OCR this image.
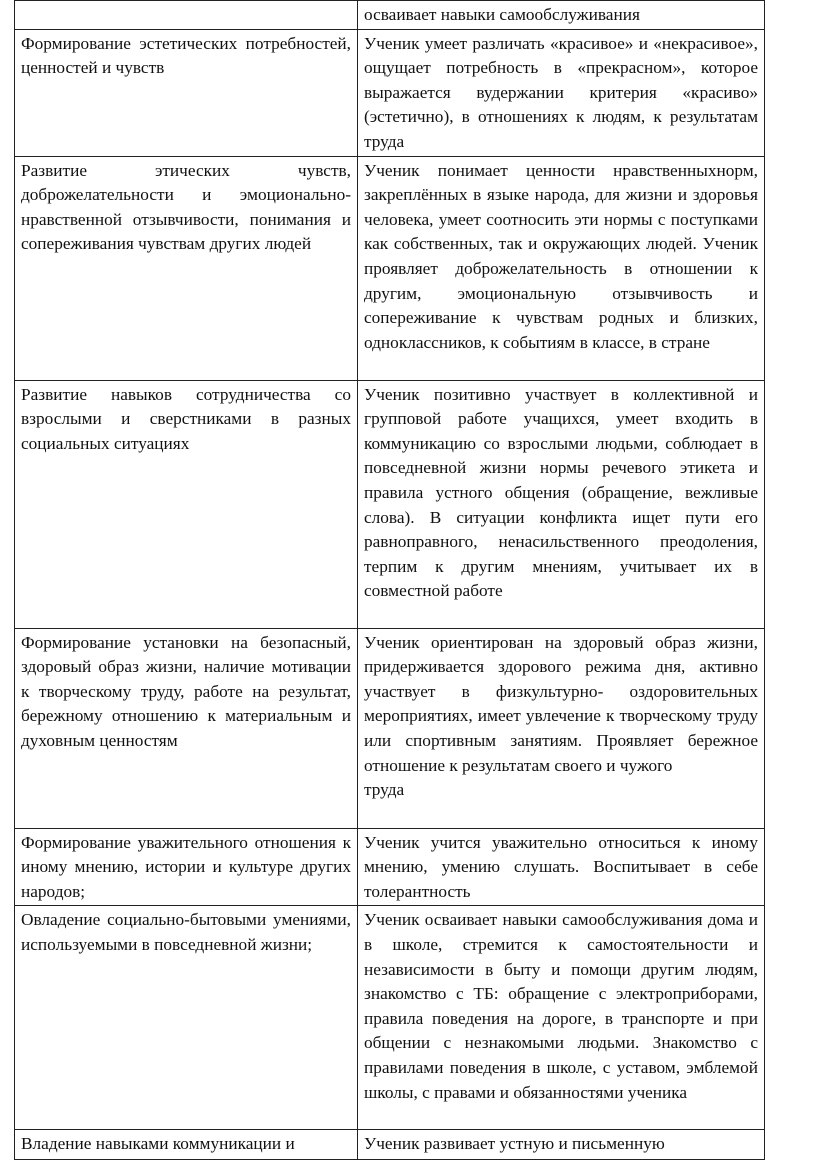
	осваивает навыки самообслуживания
Формирование эстетических потребностей, ценностей и чувств	Ученик умеет различать «красивое» и «некрасивое», ощущает потребность в «прекрасном», которое выражается вудержании критерия «красиво» (эстетично), в отношениях к людям, к результатам труда
Развитие этических чувств, доброжелательности и эмоционально-нравственной отзывчивости, понимания и сопереживания чувствам других людей	Ученик понимает ценности нравственныхнорм, закреплённых в языке народа, для жизни и здоровья человека, умеет соотносить эти нормы с поступками как собственных, так и окружающих людей. Ученик проявляет доброжелательность в отношении к другим, эмоциональную отзывчивость и сопереживание к чувствам родных и близких, одноклассников, к событиям в классе, в стране
Развитие навыков сотрудничества со взрослыми и сверстниками в разных социальных ситуациях	Ученик позитивно участвует в коллективной и групповой работе учащихся, умеет входить в коммуникацию со взрослыми людьми, соблюдает в повседневной жизни нормы речевого этикета и правила устного общения (обращение, вежливые слова). В ситуации конфликта ищет пути его равноправного, ненасильственного преодоления, терпим к другим мнениям, учитывает их в совместной работе
Формирование установки на безопасный, здоровый образ жизни, наличие мотивации к творческому труду, работе на результат, бережному отношению к материальным и духовным ценностям	Ученик ориентирован на здоровый образ жизни, придерживается здорового режима дня, активно участвует в физкультурно- оздоровительных мероприятиях, имеет увлечение к творческому труду или спортивным занятиям. Проявляет бережное отношение к результатам своего и чужого
труда

Формирование уважительного отношения к иному мнению, истории и культуре других народов;	Ученик учится уважительно относиться к иному мнению, умению слушать. Воспитывает в себе толерантность
Овладение социально-бытовыми умениями, используемыми в повседневной жизни;	Ученик осваивает навыки самообслуживания дома и в школе, стремится к самостоятельности и независимости в быту и помощи другим людям, знакомство с ТБ: обращение с электроприборами, правила поведения на дороге, в транспорте и при общении с незнакомыми людьми. Знакомство с правилами поведения в школе, с уставом, эмблемой школы, с правами и обязанностями ученика
Владение навыками коммуникации и	Ученик развивает устную и письменную
